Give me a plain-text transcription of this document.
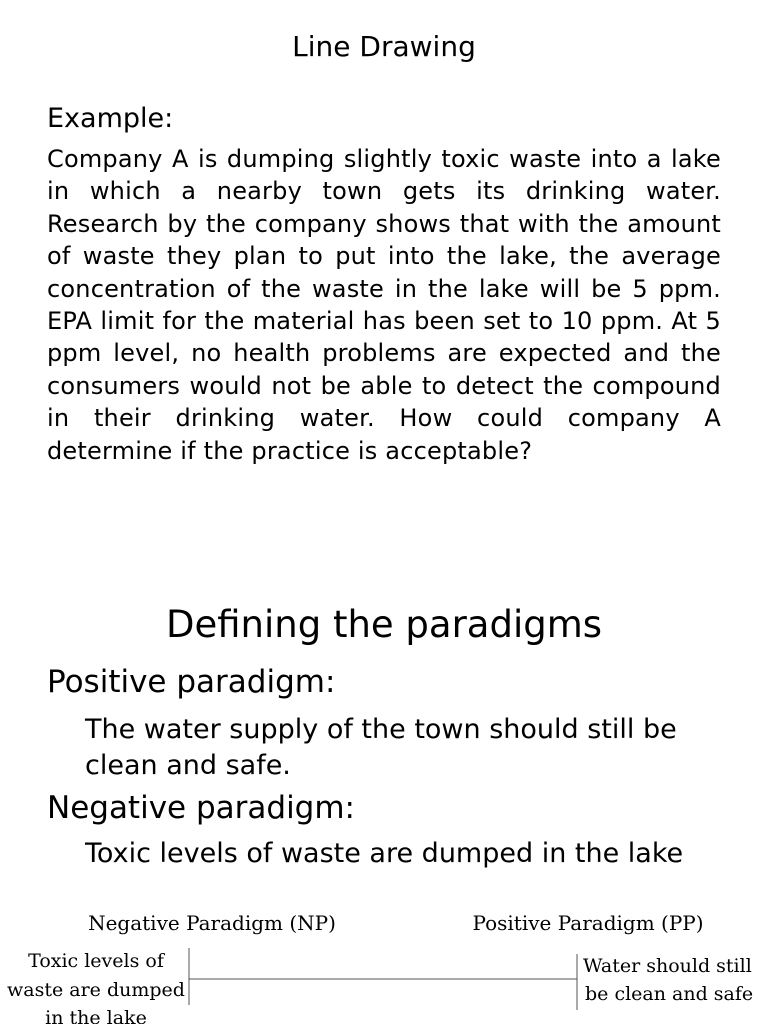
Line Drawing
Example:

Company A is dumping slightly toxic waste into a lake in which a nearby town gets its drinking water. Research by the company shows that with the amount of waste they plan to put into the lake, the average concentration of the waste in the lake will be 5 ppm. EPA limit for the material has been set to 10 ppm. At 5 ppm level, no health problems are expected and the consumers would not be able to detect the compound in their drinking water. How could company A determine if the practice is acceptable?

Defining the paradigms
Positive paradigm:
The water supply of the town should still be clean and safe.
Negative paradigm:
Toxic levels of waste are dumped in the lake
Negative Paradigm (NP)	Positive Paradigm (PP)
Toxic levels of
waste are dumped
in the lake
Water should still
be clean and safe
